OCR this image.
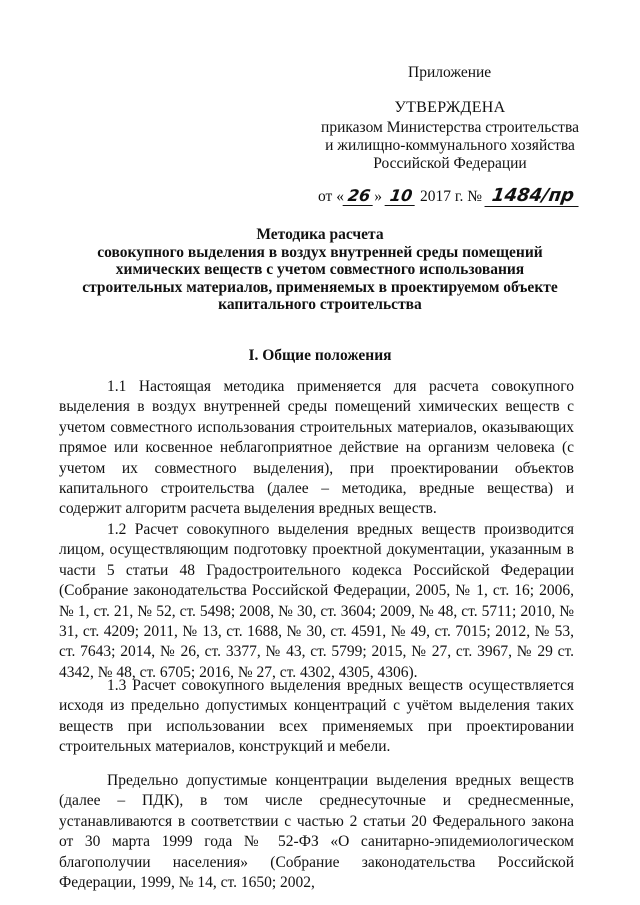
Приложение
УТВЕРЖДЕНА
приказом Министерства строительства
и жилищно-коммунального хозяйства
Российской Федерации
от « 26 » 10 2017 г. № 1484/пр
Методика расчета
совокупного выделения в воздух внутренней среды помещений
химических веществ с учетом совместного использования
строительных материалов, применяемых в проектируемом объекте
капитального строительства
I. Общие положения

1.1 Настоящая методика применяется для расчета совокупного выделения в воздух внутренней среды помещений химических веществ с учетом совместного использования строительных материалов, оказывающих прямое или косвенное неблагоприятное действие на организм человека (с учетом их совместного выделения), при проектировании объектов капитального строительства (далее – методика, вредные вещества) и содержит алгоритм расчета выделения вредных веществ.

1.2 Расчет совокупного выделения вредных веществ производится лицом, осуществляющим подготовку проектной документации, указанным в части 5 статьи 48 Градостроительного кодекса Российской Федерации (Собрание законодательства Российской Федерации, 2005, № 1, ст. 16; 2006, № 1, ст. 21, № 52, ст. 5498; 2008, № 30, ст. 3604; 2009, № 48, ст. 5711; 2010, № 31, ст. 4209; 2011, № 13, ст. 1688, № 30, ст. 4591, № 49, ст. 7015; 2012, № 53, ст. 7643; 2014, № 26, ст. 3377, № 43, ст. 5799; 2015, № 27, ст. 3967, № 29 ст. 4342, № 48, ст. 6705; 2016, № 27, ст. 4302, 4305, 4306).

1.3 Расчет совокупного выделения вредных веществ осуществляется исходя из предельно допустимых концентраций с учётом выделения таких веществ при использовании всех применяемых при проектировании строительных материалов, конструкций и мебели.

Предельно допустимые концентрации выделения вредных веществ (далее – ПДК), в том числе среднесуточные и среднесменные, устанавливаются в соответствии с частью 2 статьи 20 Федерального закона от 30 марта 1999 года № 52-ФЗ «О санитарно-эпидемиологическом благополучии населения» (Собрание законодательства Российской Федерации, 1999, № 14, ст. 1650; 2002,
